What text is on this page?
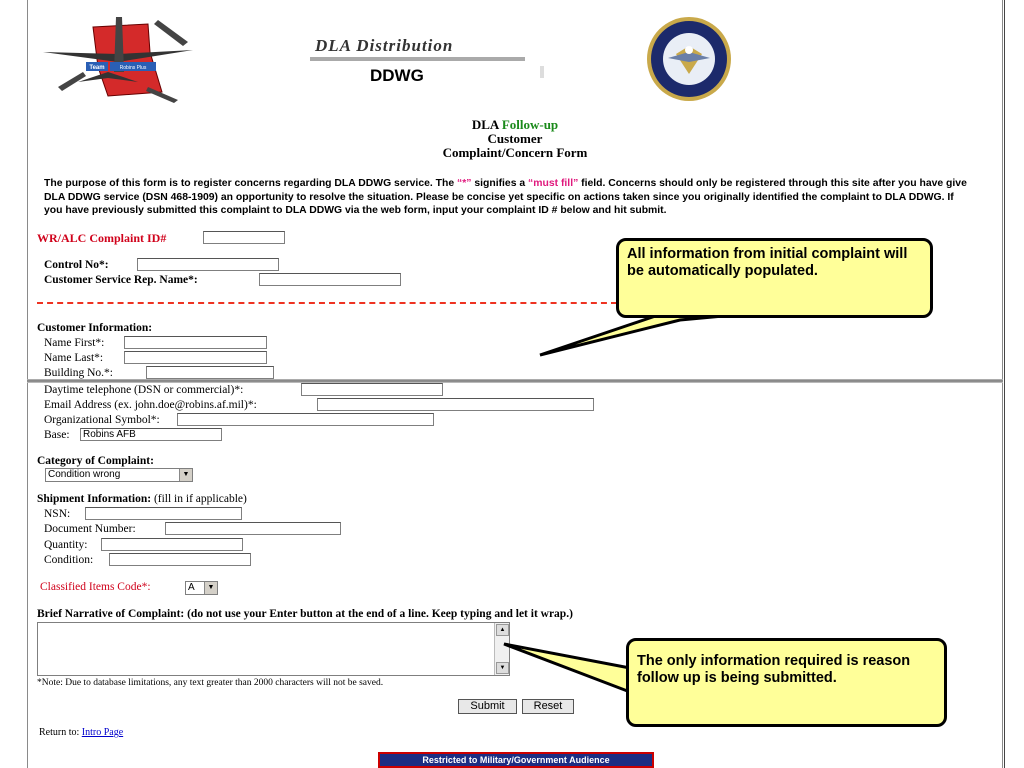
Team	Robins Plus
DLA Distribution
DDWG
DLA Follow-up
Customer
Complaint/Concern Form
The purpose of this form is to register concerns regarding DLA DDWG service. The “*” signifies a “must fill” field. Concerns should only be registered through this site after you have give DLA DDWG service (DSN 468-1909) an opportunity to resolve the situation. Please be concise yet specific on actions taken since you originally identified the complaint to DLA DDWG. If you have previously submitted this complaint to DLA DDWG via the web form, input your complaint ID # below and hit submit.
WR/ALC Complaint ID#
Control No*:
Customer Service Rep. Name*:
Customer Information:
Name First*:
Name Last*:
Building No.*:
Daytime telephone (DSN or commercial)*:
Email Address (ex. john.doe@robins.af.mil)*:
Organizational Symbol*:
Base:	Robins AFB
Category of Complaint:
Condition wrong	▼
Shipment Information: (fill in if applicable)
NSN:
Document Number:
Quantity:
Condition:
Classified Items Code*:	A	▼
Brief Narrative of Complaint: (do not use your Enter button at the end of a line. Keep typing and let it wrap.)
▲
▼
*Note: Due to database limitations, any text greater than 2000 characters will not be saved.
Submit	Reset
Return to: Intro Page
Restricted to Military/Government Audience
All information from initial complaint will be automatically populated.
The only information required is reason follow up is being submitted.
